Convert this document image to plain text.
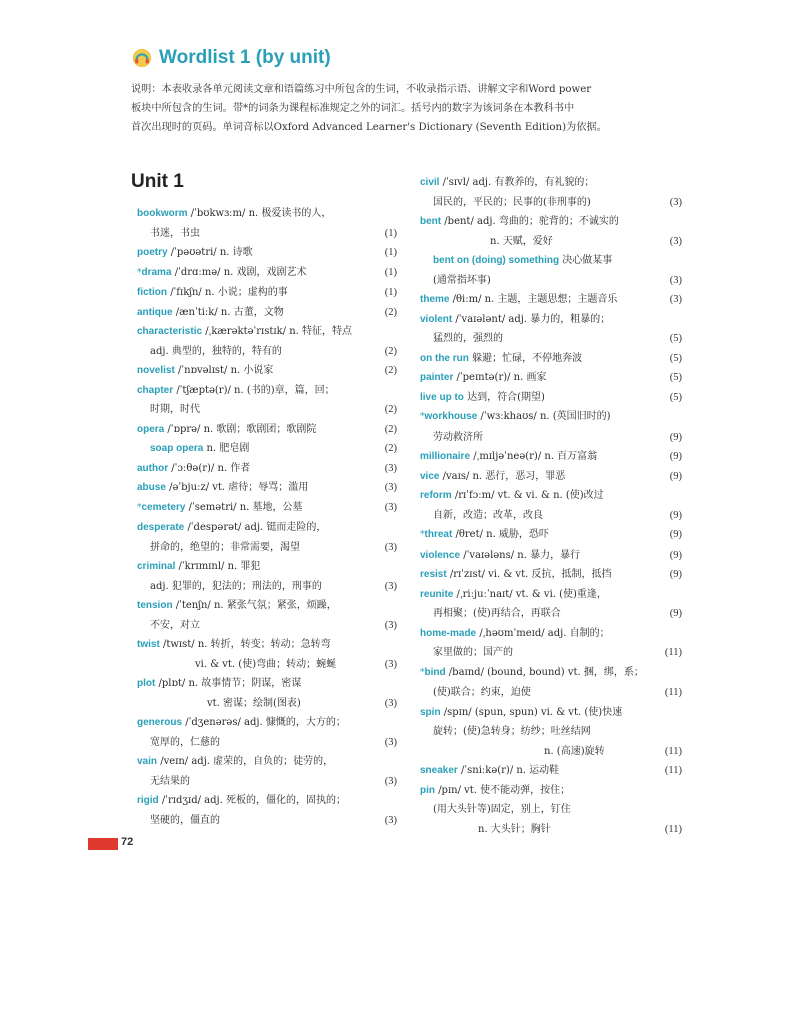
Wordlist 1 (by unit)
说明：本表收录各单元阅读文章和语篇练习中所包含的生词，不收录指示语、讲解文字和Word power
板块中所包含的生词。带*的词条为课程标准规定之外的词汇。括号内的数字为该词条在本教科书中
首次出现时的页码。单词音标以Oxford Advanced Learner's Dictionary (Seventh Edition)为依据。
Unit 1
bookworm /ˈbʊkwɜːm/ n. 极爱读书的人，
书迷，书虫	(1)
poetry /ˈpəʊətri/ n. 诗歌	(1)
*drama /ˈdrɑːmə/ n. 戏剧，戏剧艺术	(1)
fiction /ˈfɪkʃn/ n. 小说；虚构的事	(1)
antique /ænˈtiːk/ n. 古董，文物	(2)
characteristic /ˌkærəktəˈrɪstɪk/ n. 特征，特点
adj. 典型的，独特的，特有的	(2)
novelist /ˈnɒvəlɪst/ n. 小说家	(2)
chapter /ˈtʃæptə(r)/ n. (书的)章，篇，回；
时期，时代	(2)
opera /ˈɒprə/ n. 歌剧；歌剧团；歌剧院	(2)
soap opera n. 肥皂剧	(2)
author /ˈɔːθə(r)/ n. 作者	(3)
abuse /əˈbjuːz/ vt. 虐待；辱骂；滥用	(3)
*cemetery /ˈsemətri/ n. 墓地，公墓	(3)
desperate /ˈdespərət/ adj. 铤而走险的，
拼命的，绝望的；非常需要，渴望	(3)
criminal /ˈkrɪmɪnl/ n. 罪犯
adj. 犯罪的，犯法的；刑法的，刑事的	(3)
tension /ˈtenʃn/ n. 紧张气氛；紧张，烦躁，
不安，对立	(3)
twist /twɪst/ n. 转折，转变；转动；急转弯
vi. & vt. (使)弯曲；转动；蜿蜒	(3)
plot /plɒt/ n. 故事情节；阴谋，密谋
vt. 密谋；绘制(图表)	(3)
generous /ˈdʒenərəs/ adj. 慷慨的，大方的；
宽厚的，仁慈的	(3)
vain /veɪn/ adj. 虚荣的，自负的；徒劳的，
无结果的	(3)
rigid /ˈrɪdʒɪd/ adj. 死板的，僵化的，固执的；
坚硬的，僵直的	(3)
civil /ˈsɪvl/ adj. 有教养的，有礼貌的；
国民的，平民的；民事的(非刑事的)	(3)
bent /bent/ adj. 弯曲的；驼背的；不诚实的
n. 天赋，爱好	(3)
bent on (doing) something 决心做某事
(通常指坏事)	(3)
theme /θiːm/ n. 主题，主题思想；主题音乐	(3)
violent /ˈvaɪələnt/ adj. 暴力的，粗暴的；
猛烈的，强烈的	(5)
on the run 躲避；忙碌，不停地奔波	(5)
painter /ˈpeɪntə(r)/ n. 画家	(5)
live up to 达到，符合(期望)	(5)
*workhouse /ˈwɜːkhaʊs/ n. (英国旧时的)
劳动救济所	(9)
millionaire /ˌmɪljəˈneə(r)/ n. 百万富翁	(9)
vice /vaɪs/ n. 恶行，恶习，罪恶	(9)
reform /rɪˈfɔːm/ vt. & vi. & n. (使)改过
自新，改造；改革，改良	(9)
*threat /θret/ n. 威胁，恐吓	(9)
violence /ˈvaɪələns/ n. 暴力，暴行	(9)
resist /rɪˈzɪst/ vi. & vt. 反抗，抵制，抵挡	(9)
reunite /ˌriːjuːˈnaɪt/ vt. & vi. (使)重逢，
再相聚；(使)再结合，再联合	(9)
home-made /ˌhəʊmˈmeɪd/ adj. 自制的；
家里做的；国产的	(11)
*bind /baɪnd/ (bound, bound) vt. 捆，绑，系；
(使)联合；约束，迫使	(11)
spin /spɪn/ (spun, spun) vi. & vt. (使)快速
旋转；(使)急转身；纺纱；吐丝结网
n. (高速)旋转	(11)
sneaker /ˈsniːkə(r)/ n. 运动鞋	(11)
pin /pɪn/ vt. 使不能动弹，按住；
(用大头针等)固定，别上，钉住
n. 大头针；胸针	(11)
72
